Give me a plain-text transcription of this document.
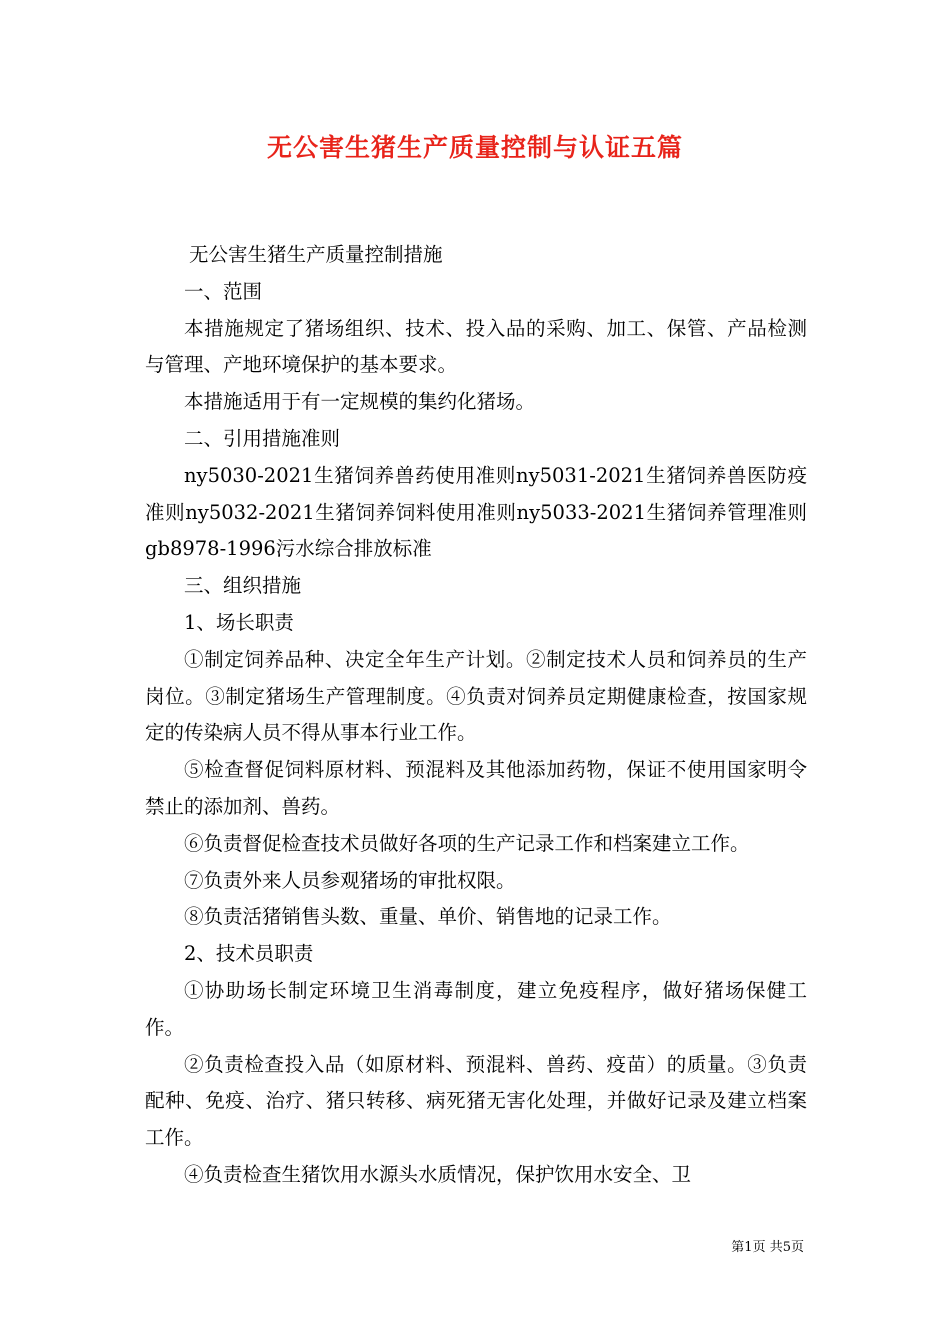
无公害生猪生产质量控制与认证五篇

无公害生猪生产质量控制措施

一、范围

本措施规定了猪场组织、技术、投入品的采购、加工、保管、产品检测与管理、产地环境保护的基本要求。

本措施适用于有一定规模的集约化猪场。

二、引用措施准则

ny5030-2021生猪饲养兽药使用准则ny5031-2021生猪饲养兽医防疫准则ny5032-2021生猪饲养饲料使用准则ny5033-2021生猪饲养管理准则gb8978-1996污水综合排放标准

三、组织措施

1、场长职责

①制定饲养品种、决定全年生产计划。②制定技术人员和饲养员的生产岗位。③制定猪场生产管理制度。④负责对饲养员定期健康检查，按国家规定的传染病人员不得从事本行业工作。

⑤检查督促饲料原材料、预混料及其他添加药物，保证不使用国家明令禁止的添加剂、兽药。

⑥负责督促检查技术员做好各项的生产记录工作和档案建立工作。

⑦负责外来人员参观猪场的审批权限。

⑧负责活猪销售头数、重量、单价、销售地的记录工作。

2、技术员职责

①协助场长制定环境卫生消毒制度，建立免疫程序，做好猪场保健工作。

②负责检查投入品（如原材料、预混料、兽药、疫苗）的质量。③负责配种、免疫、治疗、猪只转移、病死猪无害化处理，并做好记录及建立档案工作。

④负责检查生猪饮用水源头水质情况，保护饮用水安全、卫

第1页 共5页
